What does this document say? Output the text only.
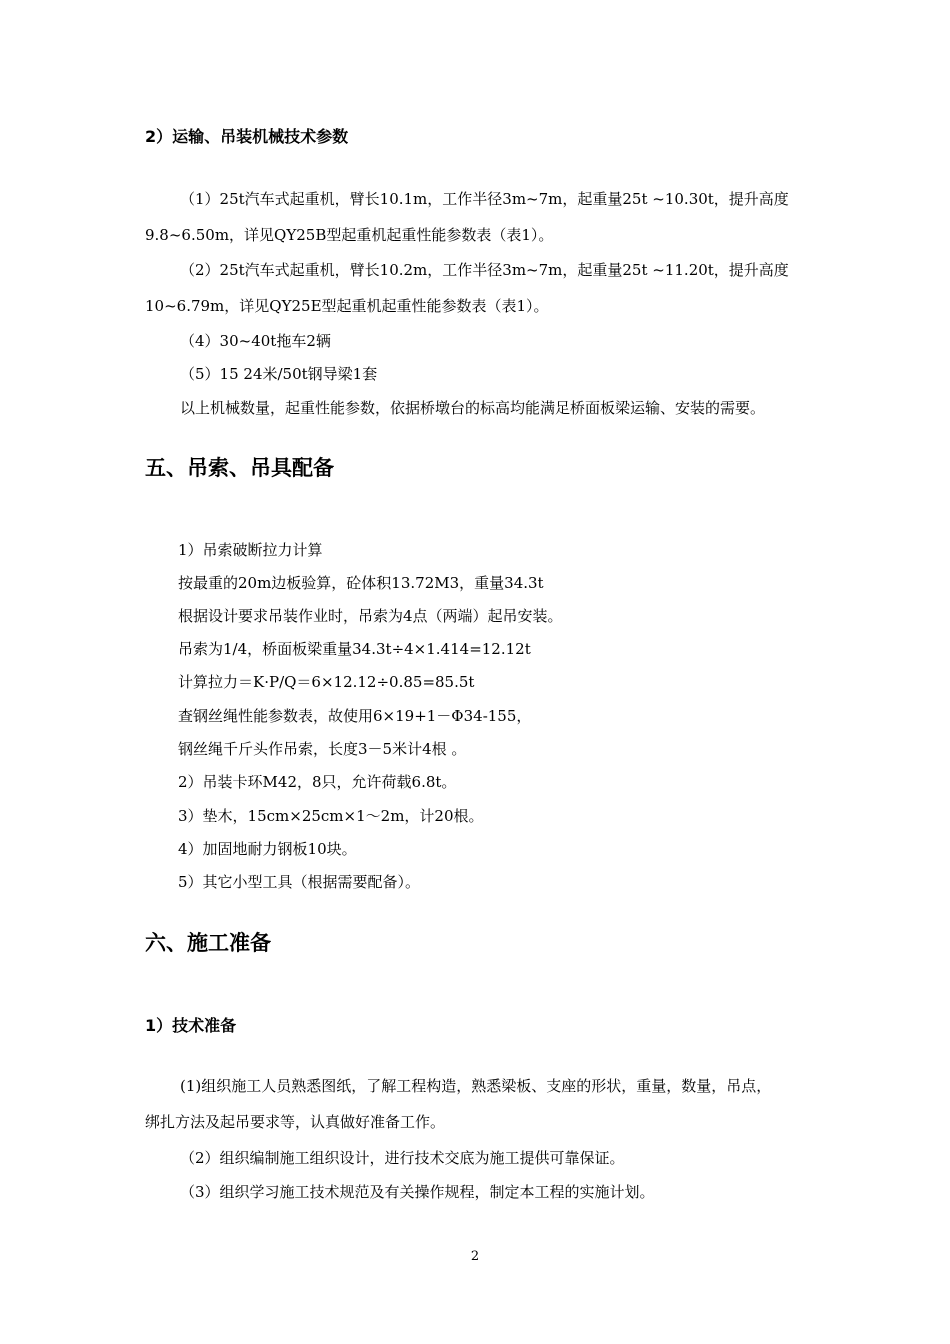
2）运输、吊装机械技术参数
（1）25t汽车式起重机，臂长10.1m，工作半径3m~7m，起重量25t ~10.30t，提升高度
9.8~6.50m，详见QY25B型起重机起重性能参数表（表1）。
（2）25t汽车式起重机，臂长10.2m，工作半径3m~7m，起重量25t ~11.20t，提升高度
10~6.79m，详见QY25E型起重机起重性能参数表（表1）。
（4）30~40t拖车2辆
（5）15 24米/50t钢导梁1套
以上机械数量，起重性能参数，依据桥墩台的标高均能满足桥面板梁运输、安装的需要。
五、吊索、吊具配备
1）吊索破断拉力计算
按最重的20m边板验算，砼体积13.72M3，重量34.3t
根据设计要求吊装作业时，吊索为4点（两端）起吊安装。
吊索为1/4，桥面板梁重量34.3t÷4×1.414=12.12t
计算拉力＝K·P/Q＝6×12.12÷0.85=85.5t
查钢丝绳性能参数表，故使用6×19+1－Φ34-155，
钢丝绳千斤头作吊索，长度3－5米计4根 。
2）吊装卡环M42，8只，允许荷载6.8t。
3）垫木，15cm×25cm×1～2m，计20根。
4）加固地耐力钢板10块。
5）其它小型工具（根据需要配备）。
六、施工准备
1）技术准备
(1)组织施工人员熟悉图纸，了解工程构造，熟悉梁板、支座的形状，重量，数量，吊点，
绑扎方法及起吊要求等，认真做好准备工作。
（2）组织编制施工组织设计，进行技术交底为施工提供可靠保证。
（3）组织学习施工技术规范及有关操作规程，制定本工程的实施计划。
2
